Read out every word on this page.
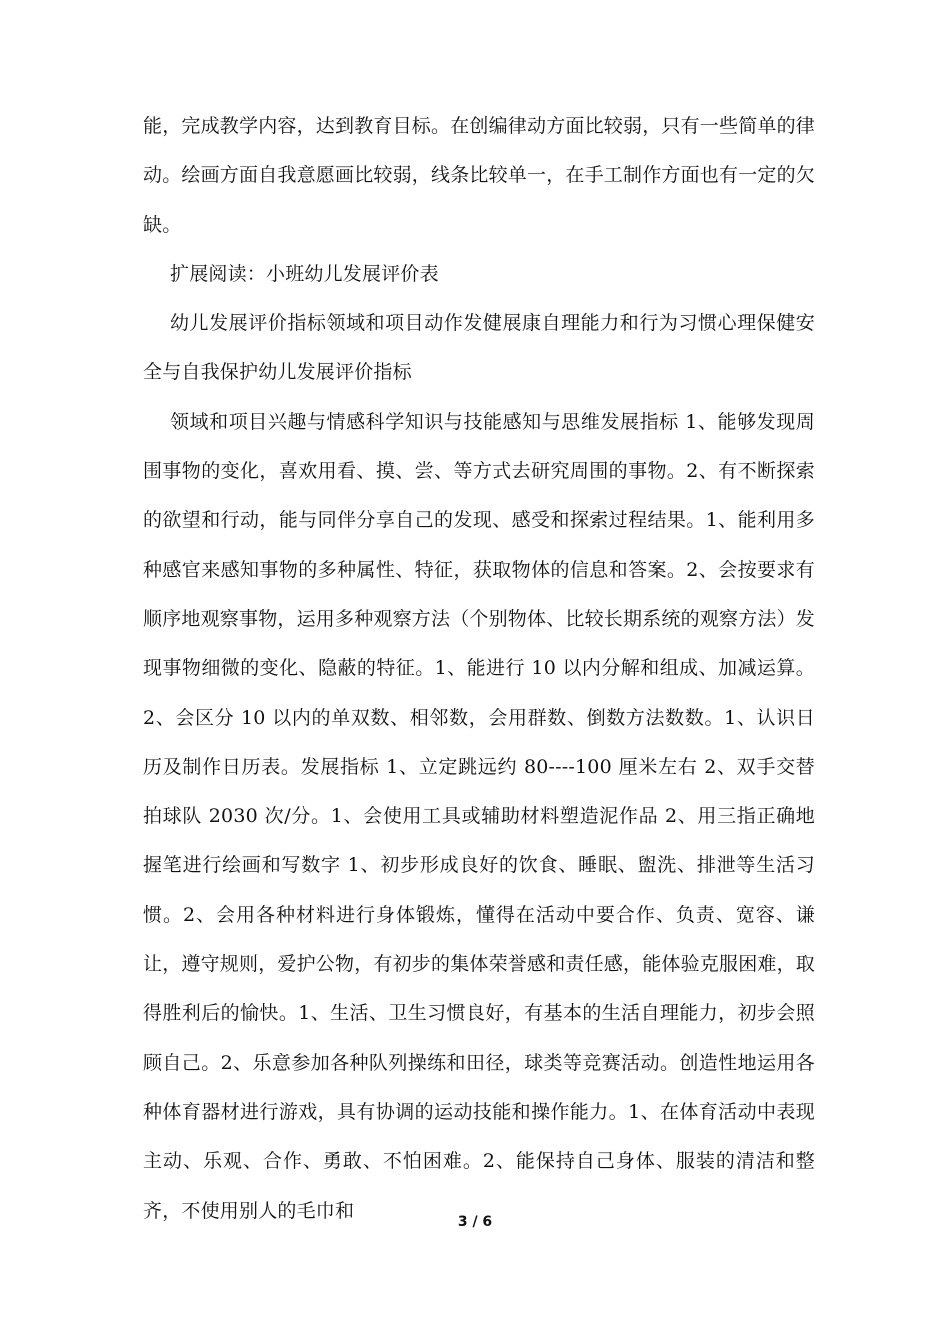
能，完成教学内容，达到教育目标。在创编律动方面比较弱，只有一些简单的律动。绘画方面自我意愿画比较弱，线条比较单一，在手工制作方面也有一定的欠缺。

扩展阅读：小班幼儿发展评价表

幼儿发展评价指标领域和项目动作发健展康自理能力和行为习惯心理保健安全与自我保护幼儿发展评价指标

领域和项目兴趣与情感科学知识与技能感知与思维发展指标 1、能够发现周围事物的变化，喜欢用看、摸、尝、等方式去研究周围的事物。2、有不断探索的欲望和行动，能与同伴分享自己的发现、感受和探索过程结果。1、能利用多种感官来感知事物的多种属性、特征，获取物体的信息和答案。2、会按要求有顺序地观察事物，运用多种观察方法（个别物体、比较长期系统的观察方法）发现事物细微的变化、隐蔽的特征。1、能进行 10 以内分解和组成、加减运算。2、会区分 10 以内的单双数、相邻数，会用群数、倒数方法数数。1、认识日历及制作日历表。发展指标 1、立定跳远约 80----100 厘米左右 2、双手交替拍球队 2030 次/分。1、会使用工具或辅助材料塑造泥作品 2、用三指正确地握笔进行绘画和写数字 1、初步形成良好的饮食、睡眠、盥洗、排泄等生活习惯。2、会用各种材料进行身体锻炼，懂得在活动中要合作、负责、宽容、谦让，遵守规则，爱护公物，有初步的集体荣誉感和责任感，能体验克服困难，取得胜利后的愉快。1、生活、卫生习惯良好，有基本的生活自理能力，初步会照顾自己。2、乐意参加各种队列操练和田径，球类等竞赛活动。创造性地运用各种体育器材进行游戏，具有协调的运动技能和操作能力。1、在体育活动中表现主动、乐观、合作、勇敢、不怕困难。2、能保持自己身体、服装的清洁和整齐，不使用别人的毛巾和

3 / 6
